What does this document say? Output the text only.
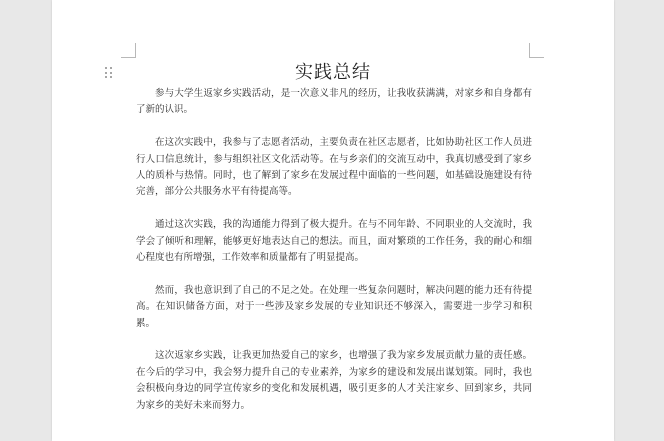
实践总结

参与大学生返家乡实践活动，是一次意义非凡的经历，让我收获满满，对家乡和自身都有了新的认识。

在这次实践中，我参与了志愿者活动，主要负责在社区志愿者，比如协助社区工作人员进行人口信息统计，参与组织社区文化活动等。在与乡亲们的交流互动中，我真切感受到了家乡人的质朴与热情。同时，也了解到了家乡在发展过程中面临的一些问题，如基础设施建设有待完善，部分公共服务水平有待提高等。

通过这次实践，我的沟通能力得到了极大提升。在与不同年龄、不同职业的人交流时，我学会了倾听和理解，能够更好地表达自己的想法。而且，面对繁琐的工作任务，我的耐心和细心程度也有所增强，工作效率和质量都有了明显提高。

然而，我也意识到了自己的不足之处。在处理一些复杂问题时，解决问题的能力还有待提高。在知识储备方面，对于一些涉及家乡发展的专业知识还不够深入，需要进一步学习和积累。

这次返家乡实践，让我更加热爱自己的家乡，也增强了我为家乡发展贡献力量的责任感。在今后的学习中，我会努力提升自己的专业素养，为家乡的建设和发展出谋划策。同时，我也会积极向身边的同学宣传家乡的变化和发展机遇，吸引更多的人才关注家乡、回到家乡，共同为家乡的美好未来而努力。
